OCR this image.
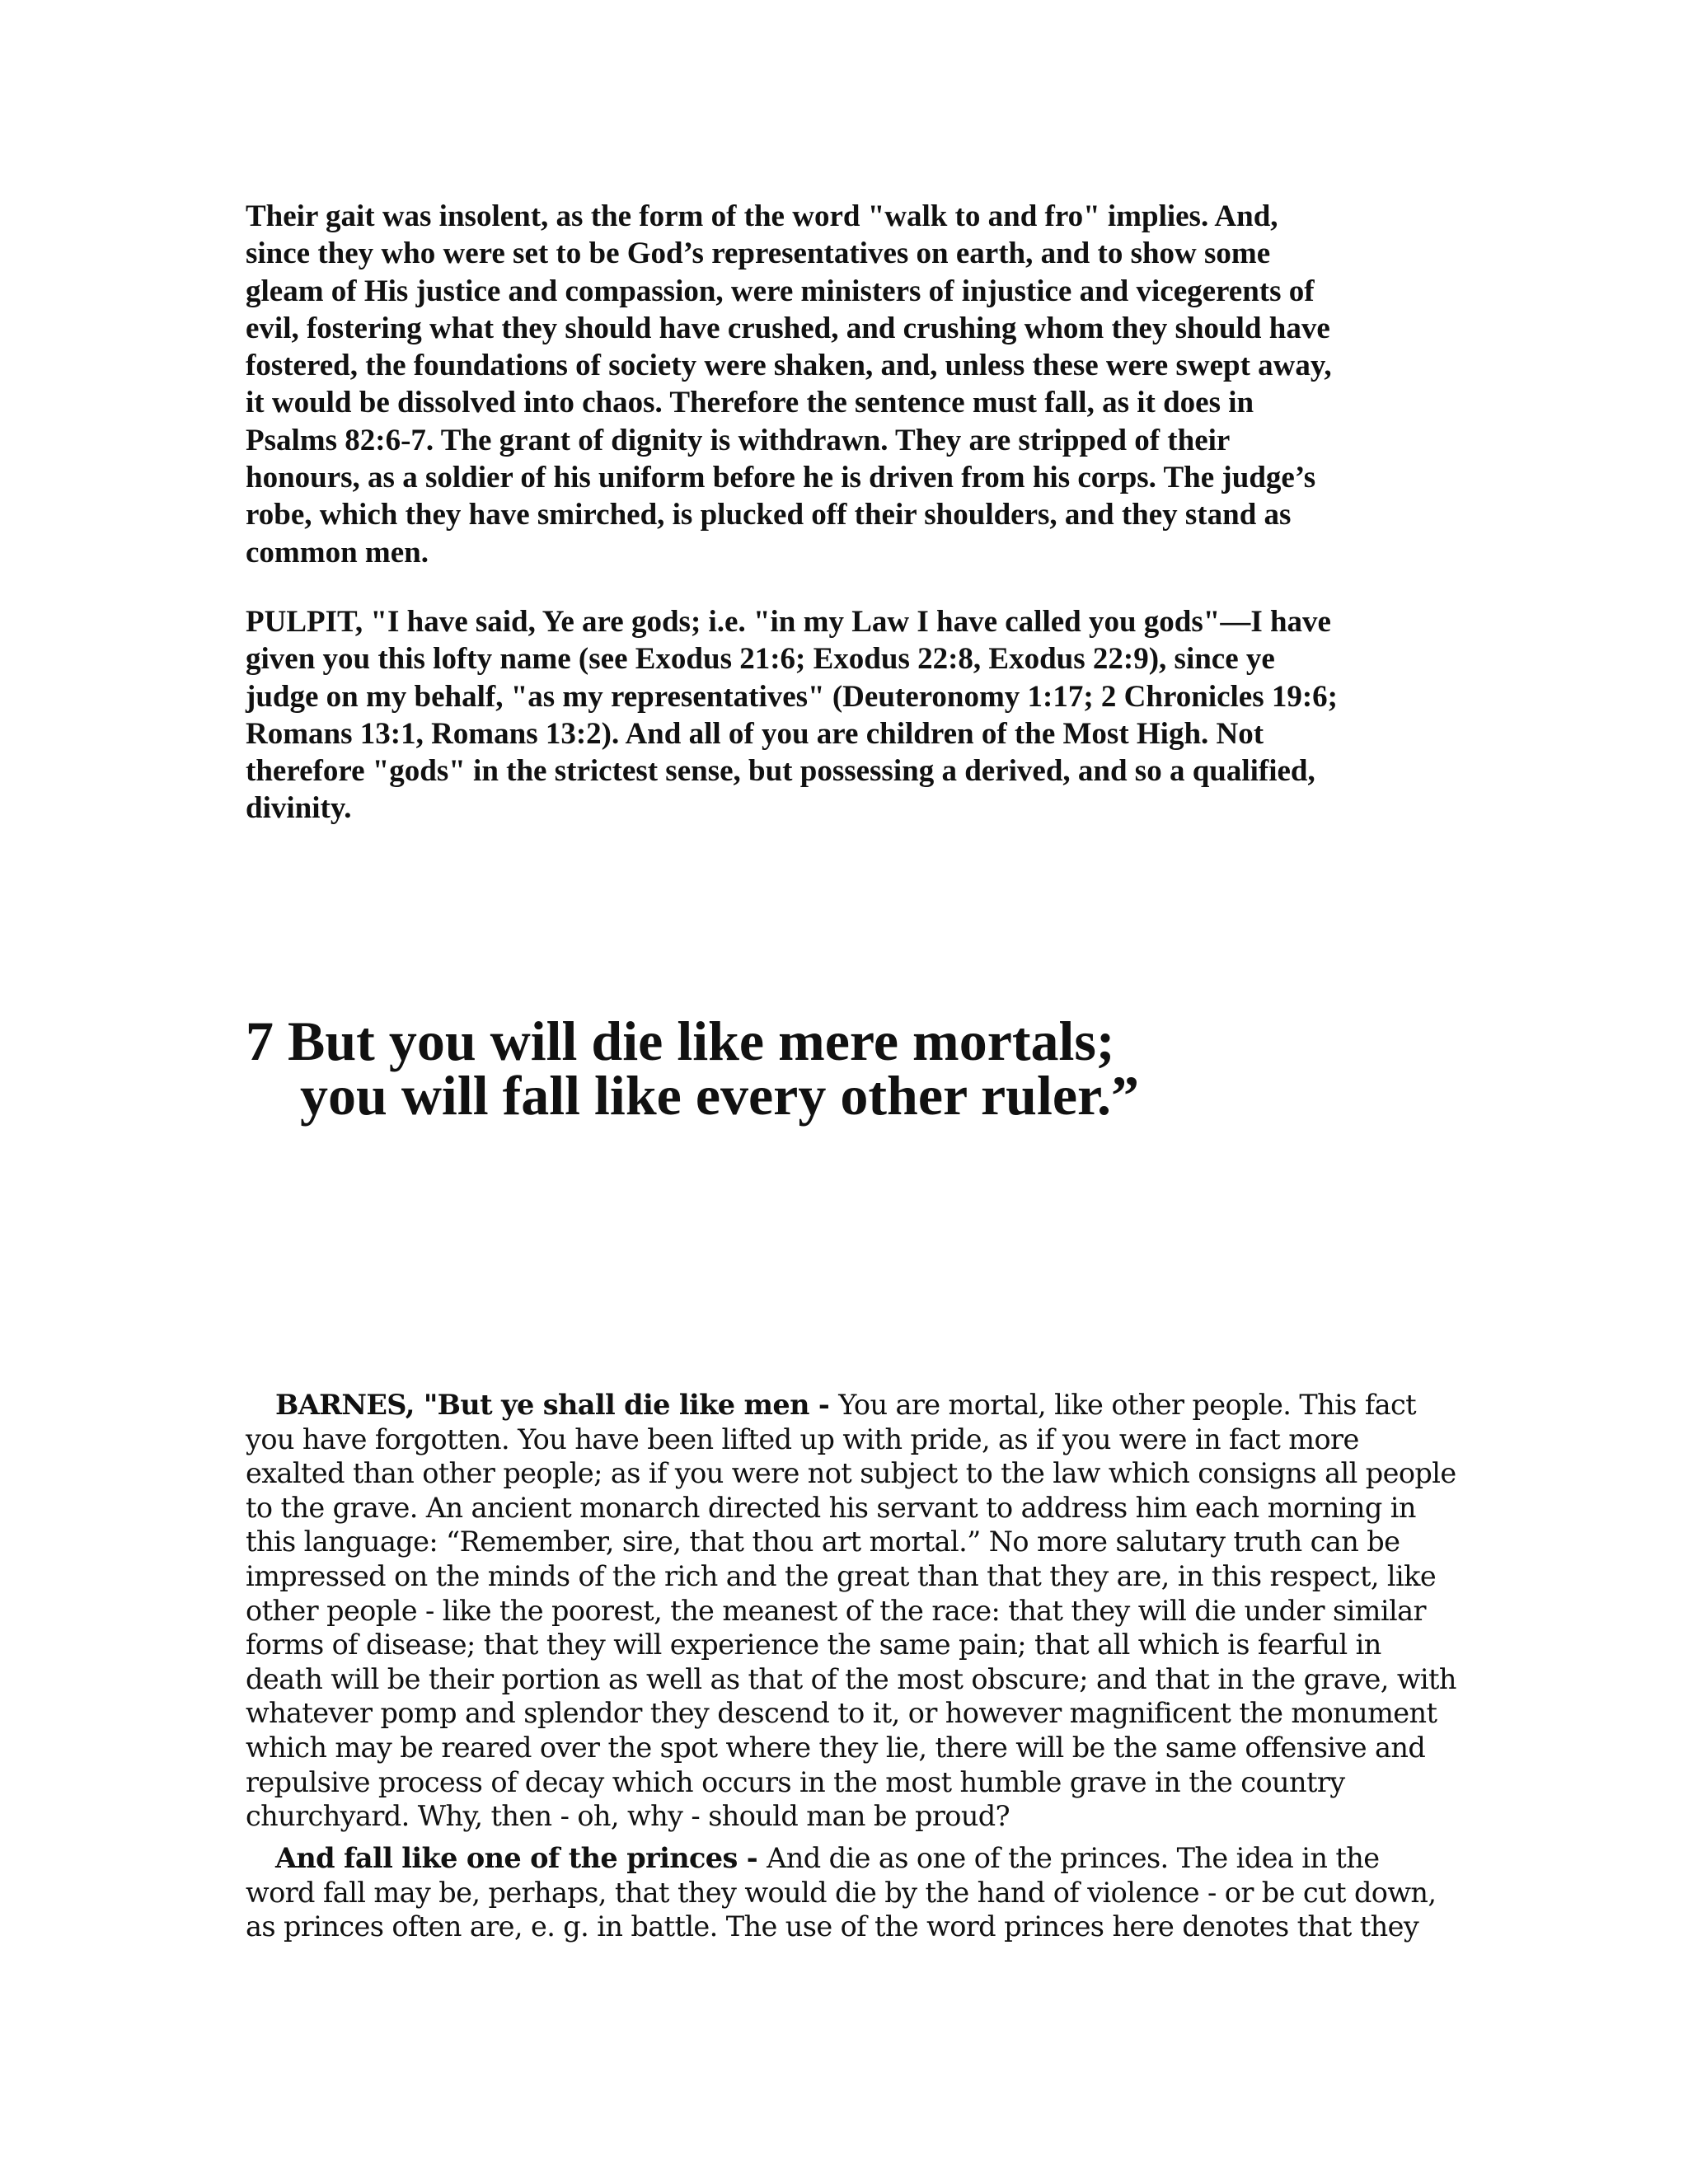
Their gait was insolent, as the form of the word "walk to and fro" implies. And,
since they who were set to be God’s representatives on earth, and to show some
gleam of His justice and compassion, were ministers of injustice and vicegerents of
evil, fostering what they should have crushed, and crushing whom they should have
fostered, the foundations of society were shaken, and, unless these were swept away,
it would be dissolved into chaos. Therefore the sentence must fall, as it does in
Psalms 82:6-7. The grant of dignity is withdrawn. They are stripped of their
honours, as a soldier of his uniform before he is driven from his corps. The judge’s
robe, which they have smirched, is plucked off their shoulders, and they stand as
common men.
PULPIT, "I have said, Ye are gods; i.e. "in my Law I have called you gods"—I have
given you this lofty name (see Exodus 21:6; Exodus 22:8, Exodus 22:9), since ye
judge on my behalf, "as my representatives" (Deuteronomy 1:17; 2 Chronicles 19:6;
Romans 13:1, Romans 13:2). And all of you are children of the Most High. Not
therefore "gods" in the strictest sense, but possessing a derived, and so a qualified,
divinity.
7 But you will die like mere mortals;
you will fall like every other ruler.”
BARNES, "But ye shall die like men - You are mortal, like other people. This fact
you have forgotten. You have been lifted up with pride, as if you were in fact more
exalted than other people; as if you were not subject to the law which consigns all people
to the grave. An ancient monarch directed his servant to address him each morning in
this language: “Remember, sire, that thou art mortal.” No more salutary truth can be
impressed on the minds of the rich and the great than that they are, in this respect, like
other people - like the poorest, the meanest of the race: that they will die under similar
forms of disease; that they will experience the same pain; that all which is fearful in
death will be their portion as well as that of the most obscure; and that in the grave, with
whatever pomp and splendor they descend to it, or however magnificent the monument
which may be reared over the spot where they lie, there will be the same offensive and
repulsive process of decay which occurs in the most humble grave in the country
churchyard. Why, then - oh, why - should man be proud?
And fall like one of the princes - And die as one of the princes. The idea in the
word fall may be, perhaps, that they would die by the hand of violence - or be cut down,
as princes often are, e. g. in battle. The use of the word princes here denotes that they
